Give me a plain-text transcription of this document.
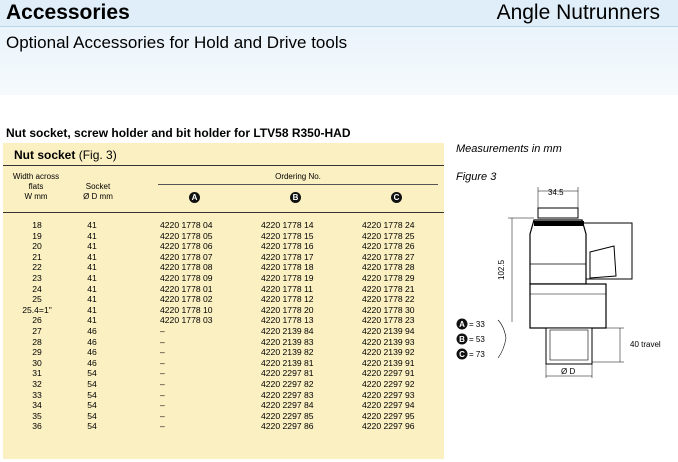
Accessories	Angle Nutrunners
Optional Accessories for Hold and Drive tools
Nut socket, screw holder and bit holder for LTV58 R350-HAD
Nut socket (Fig. 3)
Width across
flats
W mm
Socket
Ø D mm
Ordering No.
A	B	C
18	41	4220 1778 04	4220 1778 14	4220 1778 24
19	41	4220 1778 05	4220 1778 15	4220 1778 25
20	41	4220 1778 06	4220 1778 16	4220 1778 26
21	41	4220 1778 07	4220 1778 17	4220 1778 27
22	41	4220 1778 08	4220 1778 18	4220 1778 28
23	41	4220 1778 09	4220 1778 19	4220 1778 29
24	41	4220 1778 01	4220 1778 11	4220 1778 21
25	41	4220 1778 02	4220 1778 12	4220 1778 22
25.4=1"	41	4220 1778 10	4220 1778 20	4220 1778 30
26	41	4220 1778 03	4220 1778 13	4220 1778 23
27	46	–	4220 2139 84	4220 2139 94
28	46	–	4220 2139 83	4220 2139 93
29	46	–	4220 2139 82	4220 2139 92
30	46	–	4220 2139 81	4220 2139 91
31	54	–	4220 2297 81	4220 2297 91
32	54	–	4220 2297 82	4220 2297 92
33	54	–	4220 2297 83	4220 2297 93
34	54	–	4220 2297 84	4220 2297 94
35	54	–	4220 2297 85	4220 2297 95
36	54	–	4220 2297 86	4220 2297 96
Measurements in mm
Figure 3
34.5
102.5
A = 33
B = 53
C = 73
40 travel
Ø D
